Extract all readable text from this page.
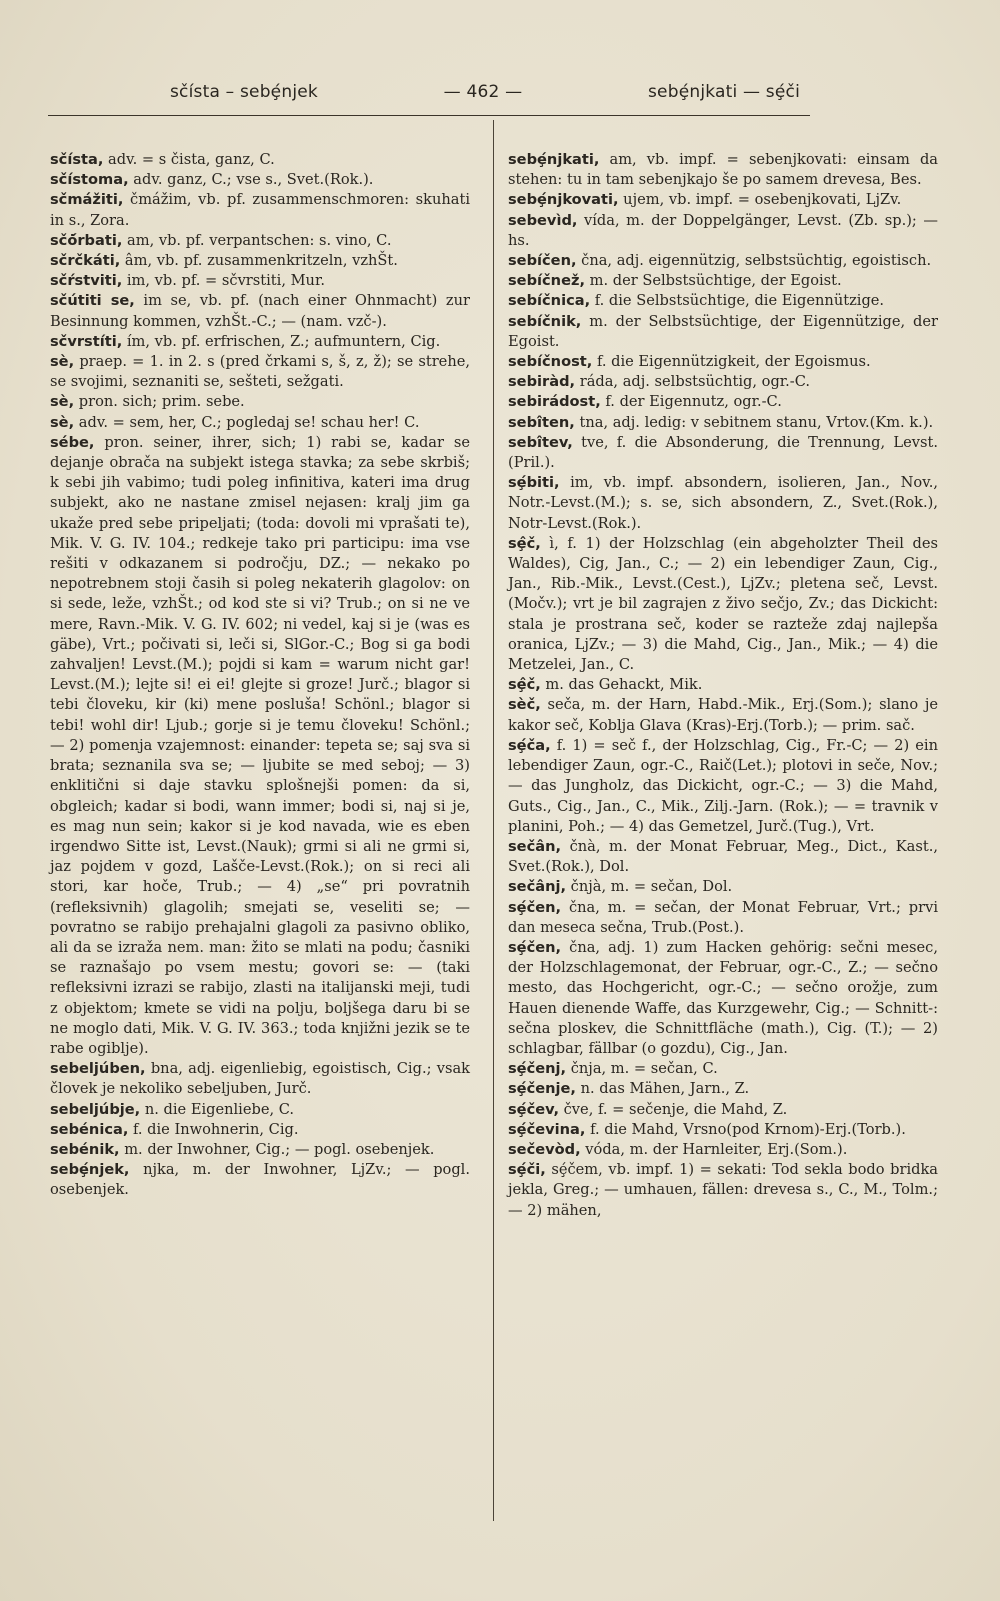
sčísta – sebȩ́njek	— 462 —	sebȩ́njkati — sȩ́či

sčísta, adv. = s čista, ganz, C.

sčístoma, adv. ganz, C.; vse s., Svet.(Rok.).

sčmážiti, čmážim, vb. pf. zusammenschmoren: skuhati in s., Zora.

sčȯ́rbati, am, vb. pf. verpantschen: s. vino, C.

sčrčkáti, âm, vb. pf. zusammenkritzeln, vzhŠt.

sčŕstviti, im, vb. pf. = sčvrstiti, Mur.

sčútiti se, im se, vb. pf. (nach einer Ohnmacht) zur Besinnung kommen, vzhŠt.-C.; — (nam. vzč-).

sčvrstíti, ím, vb. pf. erfrischen, Z.; aufmuntern, Cig.

sè, praep. = 1. in 2. s (pred črkami s, š, z, ž); se strehe, se svojimi, seznaniti se, sešteti, sežgati.

sè, pron. sich; prim. sebe.

sè, adv. = sem, her, C.; pogledaj se! schau her! C.

sébe, pron. seiner, ihrer, sich; 1) rabi se, kadar se dejanje obrača na subjekt istega stavka; za sebe skrbiš; k sebi jih vabimo; tudi poleg infinitiva, kateri ima drug subjekt, ako ne nastane zmisel nejasen: kralj jim ga ukaže pred sebe pripeljati; (toda: dovoli mi vprašati te), Mik. V. G. IV. 104.; redkeje tako pri participu: ima vse rešiti v odkazanem si področju, DZ.; — nekako po nepotrebnem stoji časih si poleg nekaterih glagolov: on si sede, leže, vzhŠt.; od kod ste si vi? Trub.; on si ne ve mere, Ravn.-Mik. V. G. IV. 602; ni vedel, kaj si je (was es gäbe), Vrt.; počivati si, leči si, SlGor.-C.; Bog si ga bodi zahvaljen! Levst.(M.); pojdi si kam = warum nicht gar! Levst.(M.); lejte si! ei ei! glejte si groze! Jurč.; blagor si tebi človeku, kir (ki) mene posluša! Schönl.; blagor si tebi! wohl dir! Ljub.; gorje si je temu človeku! Schönl.; — 2) pomenja vzajemnost: einander: tepeta se; saj sva si brata; seznanila sva se; — ljubite se med seboj; — 3) enklitični si daje stavku splošnejši pomen: da si, obgleich; kadar si bodi, wann immer; bodi si, naj si je, es mag nun sein; kakor si je kod navada, wie es eben irgendwo Sitte ist, Levst.(Nauk); grmi si ali ne grmi si, jaz pojdem v gozd, Lašče-Levst.(Rok.); on si reci ali stori, kar hoče, Trub.; — 4) „se“ pri povratnih (refleksivnih) glagolih; smejati se, veseliti se; — povratno se rabijo prehajalni glagoli za pasivno obliko, ali da se izraža nem. man: žito se mlati na podu; časniki se raznašajo po vsem mestu; govori se: — (taki refleksivni izrazi se rabijo, zlasti na italijanski meji, tudi z objektom; kmete se vidi na polju, boljšega daru bi se ne moglo dati, Mik. V. G. IV. 363.; toda knjižni jezik se te rabe ogiblje).

sebeljúben, bna, adj. eigenliebig, egoistisch, Cig.; vsak človek je nekoliko sebeljuben, Jurč.

sebeljúbje, n. die Eigenliebe, C.

sebénica, f. die Inwohnerin, Cig.

sebénik, m. der Inwohner, Cig.; — pogl. osebenjek.

sebȩ́njek, njka, m. der Inwohner, LjZv.; — pogl. osebenjek.

sebȩ́njkati, am, vb. impf. = sebenjkovati: einsam da stehen: tu in tam sebenjkajo še po samem drevesa, Bes.

sebȩ́njkovati, ujem, vb. impf. = osebenjkovati, LjZv.

sebevìd, vída, m. der Doppelgänger, Levst. (Zb. sp.); — hs.

sebíčen, čna, adj. eigennützig, selbstsüchtig, egoistisch.

sebíčnež, m. der Selbstsüchtige, der Egoist.

sebíčnica, f. die Selbstsüchtige, die Eigennützige.

sebíčnik, m. der Selbstsüchtige, der Eigennützige, der Egoist.

sebíčnost, f. die Eigennützigkeit, der Egoismus.

sebiràd, ráda, adj. selbstsüchtig, ogr.-C.

sebirádost, f. der Eigennutz, ogr.-C.

sebîten, tna, adj. ledig: v sebitnem stanu, Vrtov.(Km. k.).

sebîtev, tve, f. die Absonderung, die Trennung, Levst.(Pril.).

sȩ́biti, im, vb. impf. absondern, isolieren, Jan., Nov., Notr.-Levst.(M.); s. se, sich absondern, Z., Svet.(Rok.), Notr-Levst.(Rok.).

sȩ̂č, ì, f. 1) der Holzschlag (ein abgeholzter Theil des Waldes), Cig, Jan., C.; — 2) ein lebendiger Zaun, Cig., Jan., Rib.-Mik., Levst.(Cest.), LjZv.; pletena seč, Levst.(Močv.); vrt je bil zagrajen z živo sečjo, Zv.; das Dickicht: stala je prostrana seč, koder se razteže zdaj najlepša oranica, LjZv.; — 3) die Mahd, Cig., Jan., Mik.; — 4) die Metzelei, Jan., C.

sȩ̂č, m. das Gehackt, Mik.

sèč, seča, m. der Harn, Habd.-Mik., Erj.(Som.); slano je kakor seč, Koblja Glava (Kras)-Erj.(Torb.); — prim. sač.

sȩ́ča, f. 1) = seč f., der Holzschlag, Cig., Fr.-C; — 2) ein lebendiger Zaun, ogr.-C., Raič(Let.); plotovi in seče, Nov.; — das Jungholz, das Dickicht, ogr.-C.; — 3) die Mahd, Guts., Cig., Jan., C., Mik., Zilj.-Jarn. (Rok.); — = travnik v planini, Poh.; — 4) das Gemetzel, Jurč.(Tug.), Vrt.

sečân, čnà, m. der Monat Februar, Meg., Dict., Kast., Svet.(Rok.), Dol.

sečânj, čnjà, m. = sečan, Dol.

sȩ́čen, čna, m. = sečan, der Monat Februar, Vrt.; prvi dan meseca sečna, Trub.(Post.).

sȩ́čen, čna, adj. 1) zum Hacken gehörig: sečni mesec, der Holzschlagemonat, der Februar, ogr.-C., Z.; — sečno mesto, das Hochgericht, ogr.-C.; — sečno orožje, zum Hauen dienende Waffe, das Kurzgewehr, Cig.; — Schnitt-: sečna ploskev, die Schnittfläche (math.), Cig. (T.); — 2) schlagbar, fällbar (o gozdu), Cig., Jan.

sȩ́čenj, čnja, m. = sečan, C.

sȩ́čenje, n. das Mähen, Jarn., Z.

sȩ́čev, čve, f. = sečenje, die Mahd, Z.

sȩ́čevina, f. die Mahd, Vrsno(pod Krnom)-Erj.(Torb.).

sečevòd, vóda, m. der Harnleiter, Erj.(Som.).

sȩ́či, sȩ́čem, vb. impf. 1) = sekati: Tod sekla bodo bridka jekla, Greg.; — umhauen, fällen: drevesa s., C., M., Tolm.; — 2) mähen,
